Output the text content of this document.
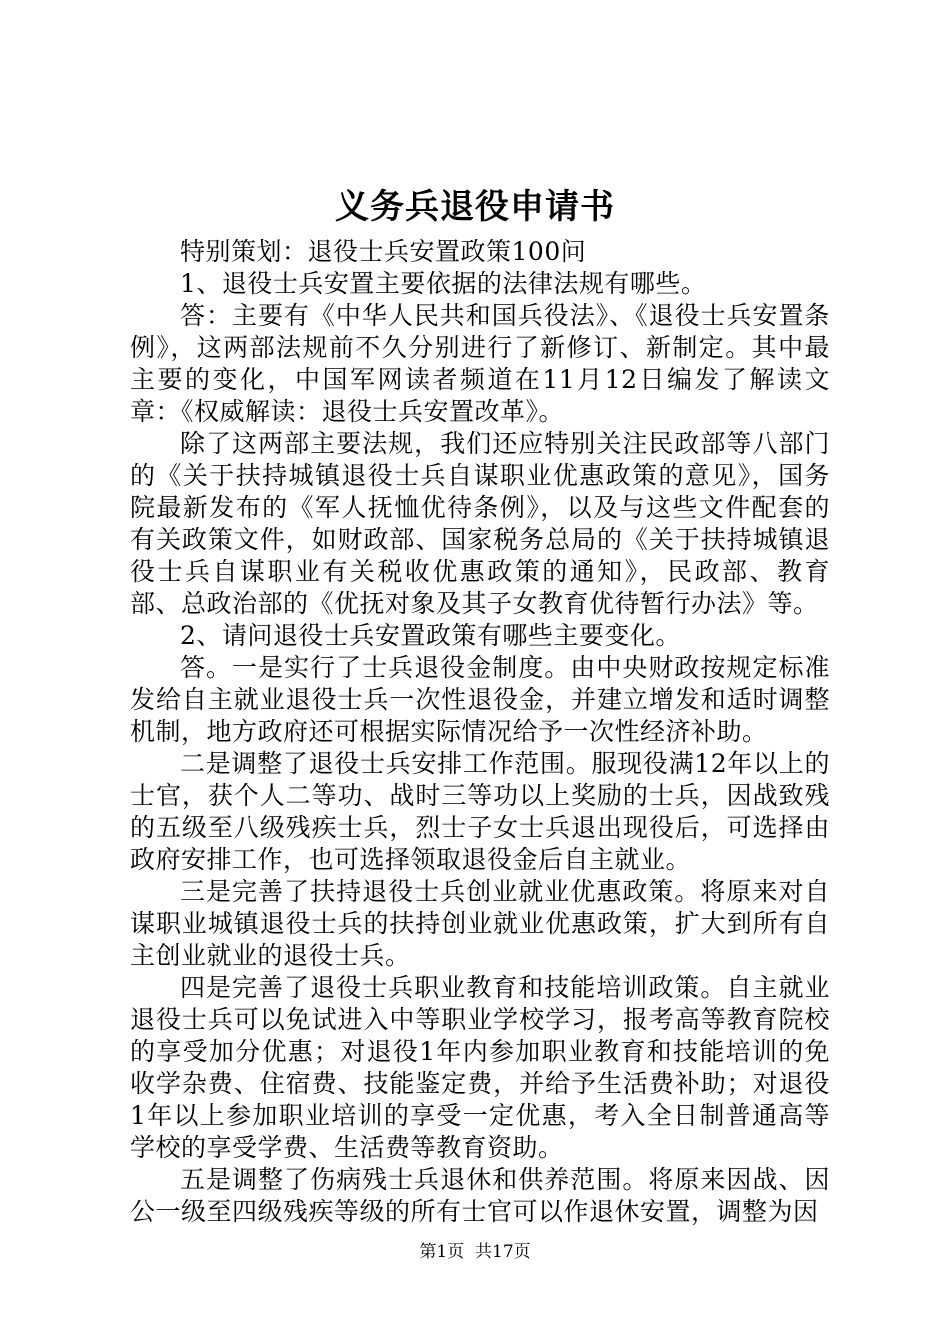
义务兵退役申请书

特别策划：退役士兵安置政策100问

1、退役士兵安置主要依据的法律法规有哪些。

答：主要有《中华人民共和国兵役法》、《退役士兵安置条例》，这两部法规前不久分别进行了新修订、新制定。其中最主要的变化，中国军网读者频道在11月12日编发了解读文章：《权威解读：退役士兵安置改革》。

除了这两部主要法规，我们还应特别关注民政部等八部门的《关于扶持城镇退役士兵自谋职业优惠政策的意见》，国务院最新发布的《军人抚恤优待条例》，以及与这些文件配套的有关政策文件，如财政部、国家税务总局的《关于扶持城镇退役士兵自谋职业有关税收优惠政策的通知》，民政部、教育部、总政治部的《优抚对象及其子女教育优待暂行办法》等。

2、请问退役士兵安置政策有哪些主要变化。

答。一是实行了士兵退役金制度。由中央财政按规定标准发给自主就业退役士兵一次性退役金，并建立增发和适时调整机制，地方政府还可根据实际情况给予一次性经济补助。

二是调整了退役士兵安排工作范围。服现役满12年以上的士官，获个人二等功、战时三等功以上奖励的士兵，因战致残的五级至八级残疾士兵，烈士子女士兵退出现役后，可选择由政府安排工作，也可选择领取退役金后自主就业。

三是完善了扶持退役士兵创业就业优惠政策。将原来对自谋职业城镇退役士兵的扶持创业就业优惠政策，扩大到所有自主创业就业的退役士兵。

四是完善了退役士兵职业教育和技能培训政策。自主就业退役士兵可以免试进入中等职业学校学习，报考高等教育院校的享受加分优惠；对退役1年内参加职业教育和技能培训的免收学杂费、住宿费、技能鉴定费，并给予生活费补助；对退役1年以上参加职业培训的享受一定优惠，考入全日制普通高等学校的享受学费、生活费等教育资助。

五是调整了伤病残士兵退休和供养范围。将原来因战、因公一级至四级残疾等级的所有士官可以作退休安置，调整为因

第1页 共17页
